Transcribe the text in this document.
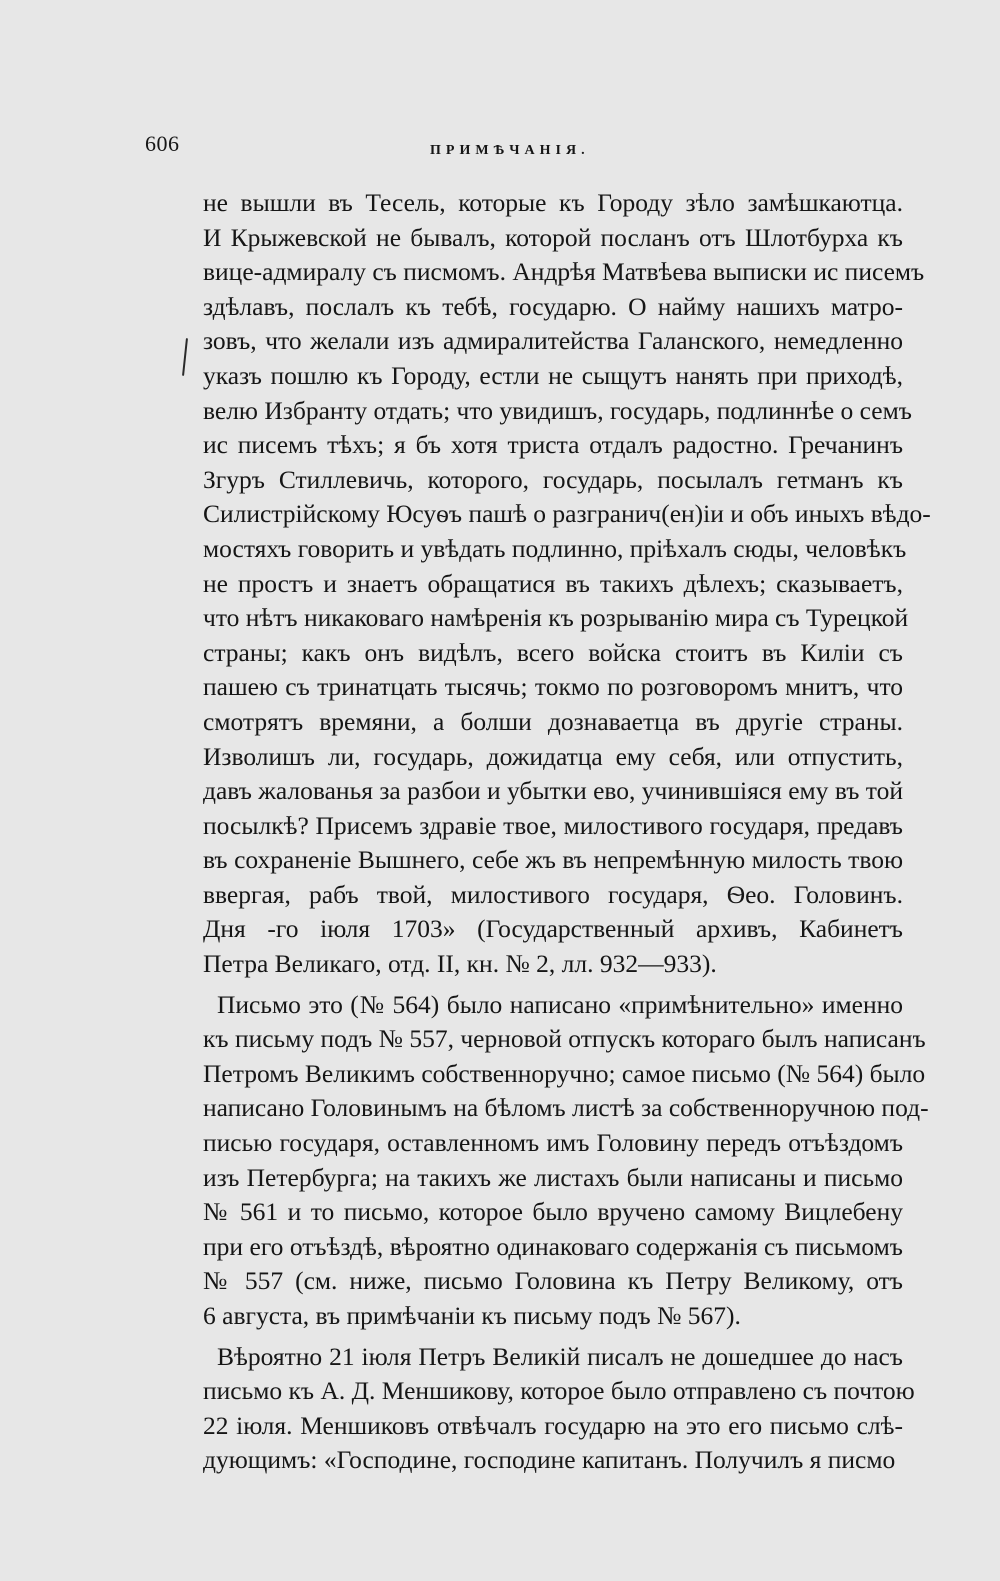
606	ПРИМѢЧАНІЯ.
не вышли въ Тесель, которые къ Городу зѣло замѣшкаютца.
И Крыжевской не бывалъ, которой посланъ отъ Шлотбурха къ
вице-адмиралу съ писмомъ. Андрѣя Матвѣева выписки ис писемъ
здѣлавъ, послалъ къ тебѣ, государю. О найму нашихъ матро-
зовъ, что желали изъ адмиралитейства Галанского, немедленно
указъ пошлю къ Городу, естли не сыщутъ нанять при приходѣ,
велю Избранту отдать; что увидишъ, государь, подлиннѣе о семъ
ис писемъ тѣхъ; я бъ хотя триста отдалъ радостно. Гречанинъ
Згуръ Стиллевичь, которого, государь, посылалъ гетманъ къ
Силистрійскому Юсуѳъ пашѣ о разгранич(ен)іи и объ иныхъ вѣдо-
мостяхъ говорить и увѣдать подлинно, пріѣхалъ сюды, человѣкъ
не простъ и знаетъ обращатися въ такихъ дѣлехъ; сказываетъ,
что нѣтъ никаковаго намѣренія къ розрыванію мира съ Турецкой
страны; какъ онъ видѣлъ, всего войска стоитъ въ Киліи съ
пашею съ тринатцать тысячь; токмо по розговоромъ мнитъ, что
смотрятъ времяни, а болши дознаваетца въ другіе страны.
Изволишъ ли, государь, дожидатца ему себя, или отпустить,
давъ жалованья за разбои и убытки ево, учинившіяся ему въ той
посылкѣ? Присемъ здравіе твое, милостивого государя, предавъ
въ сохраненіе Вышнего, себе жъ въ непремѣнную милость твою
ввергая, рабъ твой, милостивого государя, Ѳео. Головинъ.
Дня -го іюля 1703» (Государственный архивъ, Кабинетъ
Петра Великаго, отд. II, кн. № 2, лл. 932—933).
Письмо это (№ 564) было написано «примѣнительно» именно
къ письму подъ № 557, черновой отпускъ котораго былъ написанъ
Петромъ Великимъ собственноручно; самое письмо (№ 564) было
написано Головинымъ на бѣломъ листѣ за собственноручною под-
писью государя, оставленномъ имъ Головину передъ отъѣздомъ
изъ Петербурга; на такихъ же листахъ были написаны и письмо
№ 561 и то письмо, которое было вручено самому Вицлебену
при его отъѣздѣ, вѣроятно одинаковаго содержанія съ письмомъ
№ 557 (см. ниже, письмо Головина къ Петру Великому, отъ
6 августа, въ примѣчаніи къ письму подъ № 567).
Вѣроятно 21 іюля Петръ Великій писалъ не дошедшее до насъ
письмо къ А. Д. Меншикову, которое было отправлено съ почтою
22 іюля. Меншиковъ отвѣчалъ государю на это его письмо слѣ-
дующимъ: «Господине, господине капитанъ. Получилъ я писмо
